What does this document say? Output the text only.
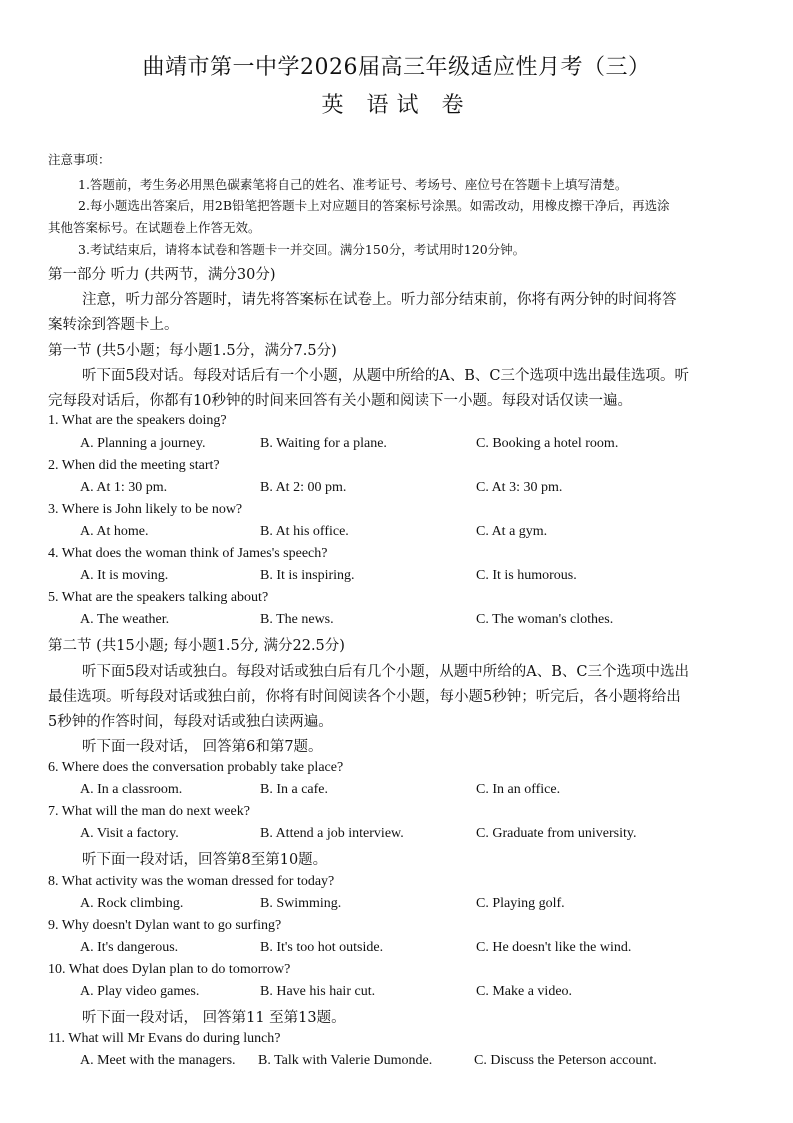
曲靖市第一中学2026届高三年级适应性月考（三）
英 语试 卷
注意事项：
1.答题前，考生务必用黑色碳素笔将自己的姓名、准考证号、考场号、座位号在答题卡上填写清楚。
2.每小题选出答案后，用2B铅笔把答题卡上对应题目的答案标号涂黑。如需改动，用橡皮擦干净后，再选涂
其他答案标号。在试题卷上作答无效。
3.考试结束后，请将本试卷和答题卡一并交回。满分150分，考试用时120分钟。
第一部分 听力 (共两节，满分30分)
注意，听力部分答题时，请先将答案标在试卷上。听力部分结束前，你将有两分钟的时间将答
案转涂到答题卡上。
第一节 (共5小题；每小题1.5分，满分7.5分)
听下面5段对话。每段对话后有一个小题，从题中所给的A、B、C三个选项中选出最佳选项。听
完每段对话后，你都有10秒钟的时间来回答有关小题和阅读下一小题。每段对话仅读一遍。
1. What are the speakers doing?
A. Planning a journey.	B. Waiting for a plane.	C. Booking a hotel room.
2. When did the meeting start?
A. At 1: 30 pm.	B. At 2: 00 pm.	C. At 3: 30 pm.
3. Where is John likely to be now?
A. At home.	B. At his office.	C. At a gym.
4. What does the woman think of James's speech?
A. It is moving.	B. It is inspiring.	C. It is humorous.
5. What are the speakers talking about?
A. The weather.	B. The news.	C. The woman's clothes.
第二节 (共15小题; 每小题1.5分, 满分22.5分)
听下面5段对话或独白。每段对话或独白后有几个小题，从题中所给的A、B、C三个选项中选出
最佳选项。听每段对话或独白前，你将有时间阅读各个小题，每小题5秒钟；听完后，各小题将给出
5秒钟的作答时间，每段对话或独白读两遍。
听下面一段对话， 回答第6和第7题。
6. Where does the conversation probably take place?
A. In a classroom.	B. In a cafe.	C. In an office.
7. What will the man do next week?
A. Visit a factory.	B. Attend a job interview.	C. Graduate from university.
听下面一段对话，回答第8至第10题。
8. What activity was the woman dressed for today?
A. Rock climbing.	B. Swimming.	C. Playing golf.
9. Why doesn't Dylan want to go surfing?
A. It's dangerous.	B. It's too hot outside.	C. He doesn't like the wind.
10. What does Dylan plan to do tomorrow?
A. Play video games.	B. Have his hair cut.	C. Make a video.
听下面一段对话， 回答第11 至第13题。
11. What will Mr Evans do during lunch?
A. Meet with the managers. B. Talk with Valerie Dumonde.	C. Discuss the Peterson account.
